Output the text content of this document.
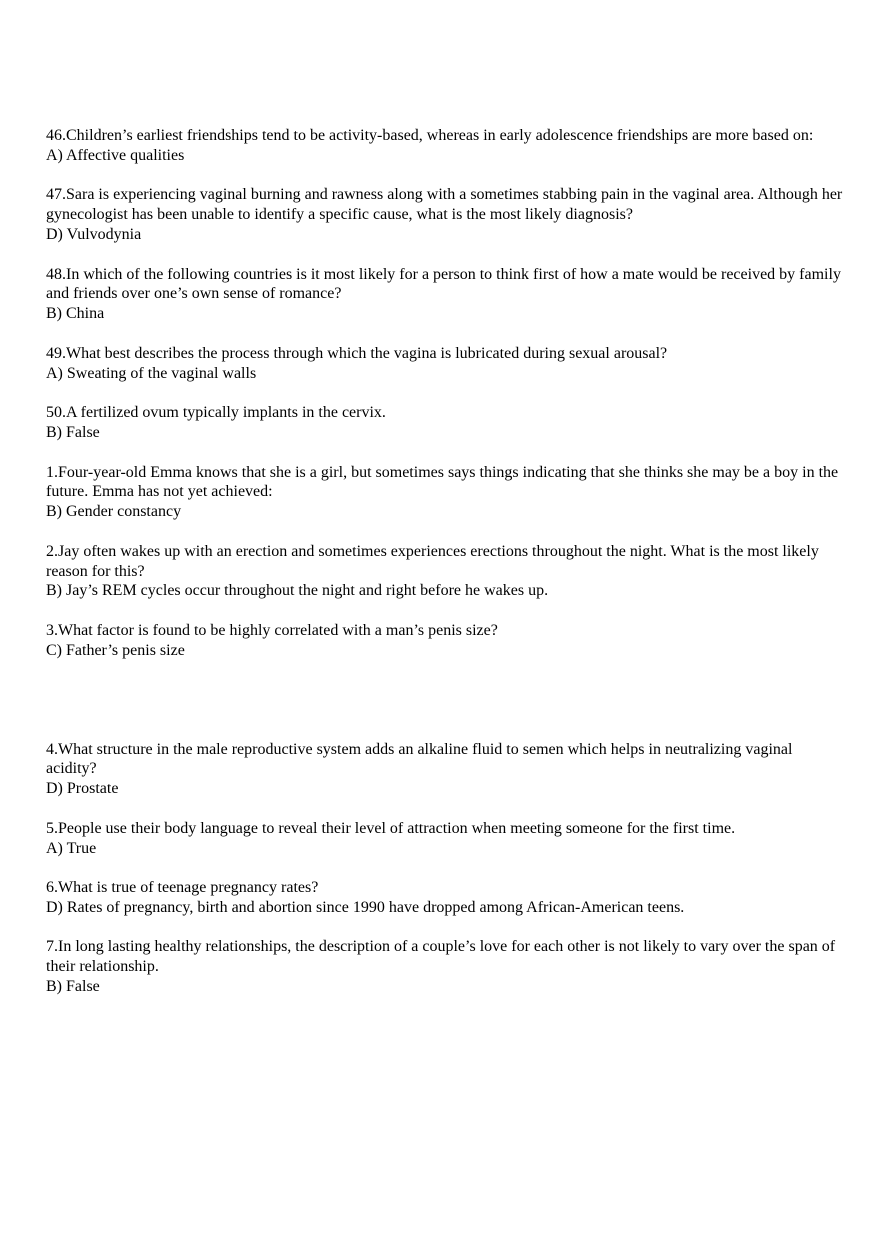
46.Children’s earliest friendships tend to be activity-based, whereas in early adolescence friendships are more based on:
A) Affective qualities
47.Sara is experiencing vaginal burning and rawness along with a sometimes stabbing pain in the vaginal area. Although her gynecologist has been unable to identify a specific cause, what is the most likely diagnosis?
D) Vulvodynia
48.In which of the following countries is it most likely for a person to think first of how a mate would be received by family and friends over one’s own sense of romance?
B) China
49.What best describes the process through which the vagina is lubricated during sexual arousal?
A) Sweating of the vaginal walls
50.A fertilized ovum typically implants in the cervix.
B) False
1.Four-year-old Emma knows that she is a girl, but sometimes says things indicating that she thinks she may be a boy in the future. Emma has not yet achieved:
B) Gender constancy
2.Jay often wakes up with an erection and sometimes experiences erections throughout the night. What is the most likely reason for this?
B) Jay’s REM cycles occur throughout the night and right before he wakes up.
3.What factor is found to be highly correlated with a man’s penis size?
C) Father’s penis size
4.What structure in the male reproductive system adds an alkaline fluid to semen which helps in neutralizing vaginal acidity?
D) Prostate
5.People use their body language to reveal their level of attraction when meeting someone for the first time.
A) True
6.What is true of teenage pregnancy rates?
D) Rates of pregnancy, birth and abortion since 1990 have dropped among African-American teens.
7.In long lasting healthy relationships, the description of a couple’s love for each other is not likely to vary over the span of their relationship.
B) False
